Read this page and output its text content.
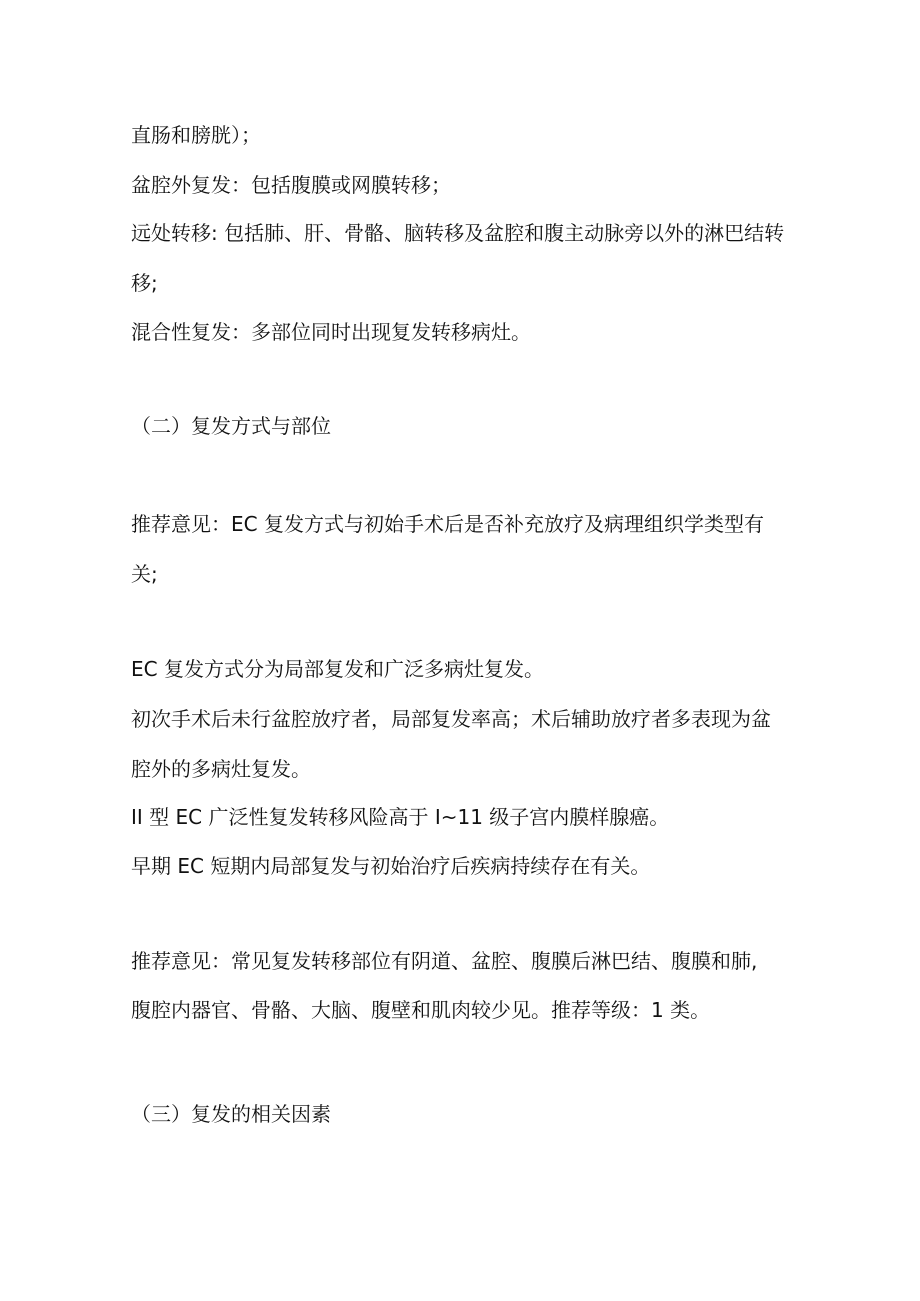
直肠和膀胱）；
盆腔外复发：包括腹膜或网膜转移；
远处转移: 包括肺、肝、骨骼、脑转移及盆腔和腹主动脉旁以外的淋巴结转
移;
混合性复发：多部位同时出现复发转移病灶。
（二）复发方式与部位
推荐意见：EC 复发方式与初始手术后是否补充放疗及病理组织学类型有
关;
EC 复发方式分为局部复发和广泛多病灶复发。
初次手术后未行盆腔放疗者，局部复发率高；术后辅助放疗者多表现为盆
腔外的多病灶复发。
II 型 EC 广泛性复发转移风险高于 I~11 级子宫内膜样腺癌。
早期 EC 短期内局部复发与初始治疗后疾病持续存在有关。
推荐意见：常见复发转移部位有阴道、盆腔、腹膜后淋巴结、腹膜和肺,
腹腔内器官、骨骼、大脑、腹壁和肌肉较少见。推荐等级：1 类。
（三）复发的相关因素
